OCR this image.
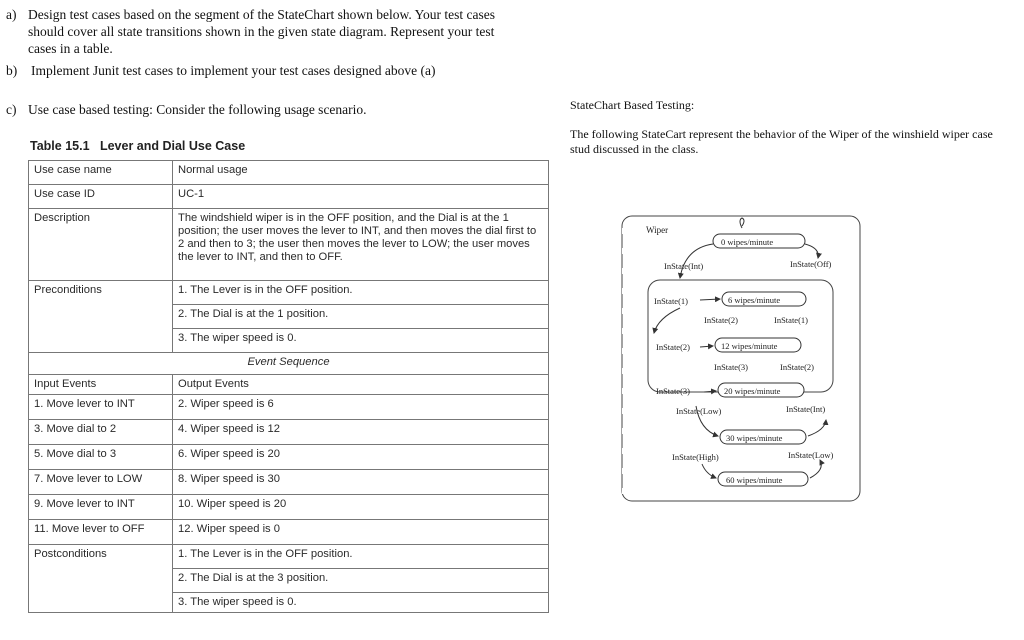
a) Design test cases based on the segment of the StateChart shown below. Your test cases should cover all state transitions shown in the given state diagram. Represent your test cases in a table.
b) Implement Junit test cases to implement your test cases designed above (a)
c) Use case based testing: Consider the following usage scenario.
Table 15.1 Lever and Dial Use Case
Use case name	Normal usage
Use case ID	UC-1
Description	The windshield wiper is in the OFF position, and the Dial is at the 1 position; the user moves the lever to INT, and then moves the dial first to 2 and then to 3; the user then moves the lever to LOW; the user moves the lever to INT, and then to OFF.
Preconditions	1. The Lever is in the OFF position.
	2. The Dial is at the 1 position.
	3. The wiper speed is 0.
Event Sequence	
Input Events	Output Events
1. Move lever to INT	2. Wiper speed is 6
3. Move dial to 2	4. Wiper speed is 12
5. Move dial to 3	6. Wiper speed is 20
7. Move lever to LOW	8. Wiper speed is 30
9. Move lever to INT	10. Wiper speed is 20
11. Move lever to OFF	12. Wiper speed is 0
Postconditions	1. The Lever is in the OFF position.
	2. The Dial is at the 3 position.
	3. The wiper speed is 0.
StateChart Based Testing:
The following StateCart represent the behavior of the Wiper of the winshield wiper case stud discussed in the class.
Wiper
0 wipes/minute
InState(Int)	InState(Off)
6 wipes/minute
InState(1)
InState(2)	InState(1)
12 wipes/minute
InState(2)
InState(3)	InState(2)
20 wipes/minute
InState(3)
InState(Low)	InState(Int)
30 wipes/minute
InState(High)	InState(Low)
60 wipes/minute
